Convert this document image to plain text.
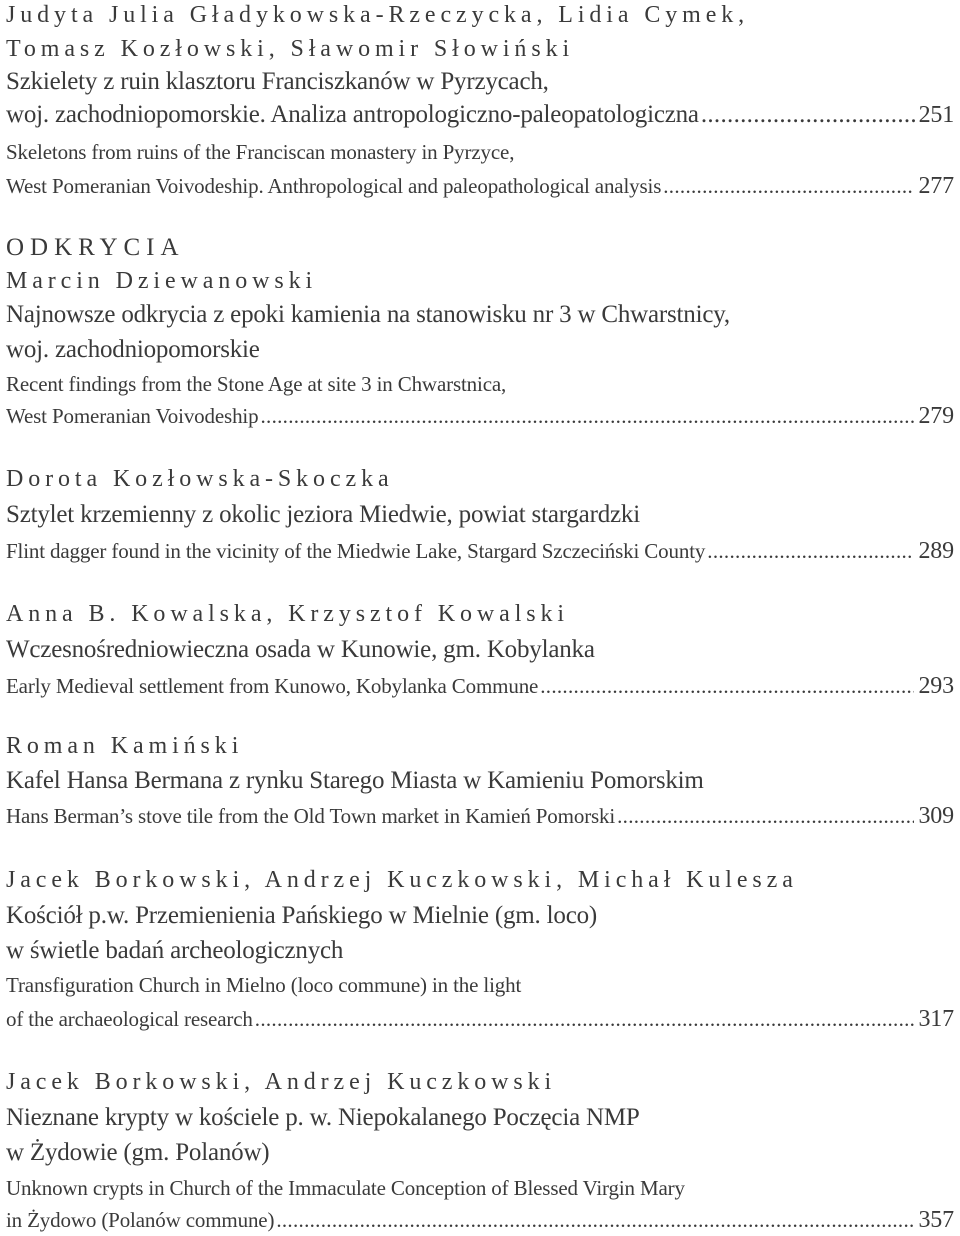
Judyta Julia Gładykowska-Rzeczycka, Lidia Cymek,
Tomasz Kozłowski, Sławomir Słowiński
Szkielety z ruin klasztoru Franciszkanów w Pyrzycach,
woj. zachodniopomorskie. Analiza antropologiczno-paleopatologiczna .....	251
Skeletons from ruins of the Franciscan monastery in Pyrzyce,
West Pomeranian Voivodeship. Anthropological and paleopathological analysis .....	277
ODKRYCIA
Marcin Dziewanowski
Najnowsze odkrycia z epoki kamienia na stanowisku nr 3 w Chwarstnicy,
woj. zachodniopomorskie
Recent findings from the Stone Age at site 3 in Chwarstnica,
West Pomeranian Voivodeship .....	279
Dorota Kozłowska-Skoczka
Sztylet krzemienny z okolic jeziora Miedwie, powiat stargardzki
Flint dagger found in the vicinity of the Miedwie Lake, Stargard Szczeciński County .....	289
Anna B. Kowalska, Krzysztof Kowalski
Wczesnośredniowieczna osada w Kunowie, gm. Kobylanka
Early Medieval settlement from Kunowo, Kobylanka Commune .....	293
Roman Kamiński
Kafel Hansa Bermana z rynku Starego Miasta w Kamieniu Pomorskim
Hans Berman’s stove tile from the Old Town market in Kamień Pomorski .....	309
Jacek Borkowski, Andrzej Kuczkowski, Michał Kulesza
Kościół p.w. Przemienienia Pańskiego w Mielnie (gm. loco)
w świetle badań archeologicznych
Transfiguration Church in Mielno (loco commune) in the light
of the archaeological research .....	317
Jacek Borkowski, Andrzej Kuczkowski
Nieznane krypty w kościele p. w. Niepokalanego Poczęcia NMP
w Żydowie (gm. Polanów)
Unknown crypts in Church of the Immaculate Conception of Blessed Virgin Mary
in Żydowo (Polanów commune) .....	357
